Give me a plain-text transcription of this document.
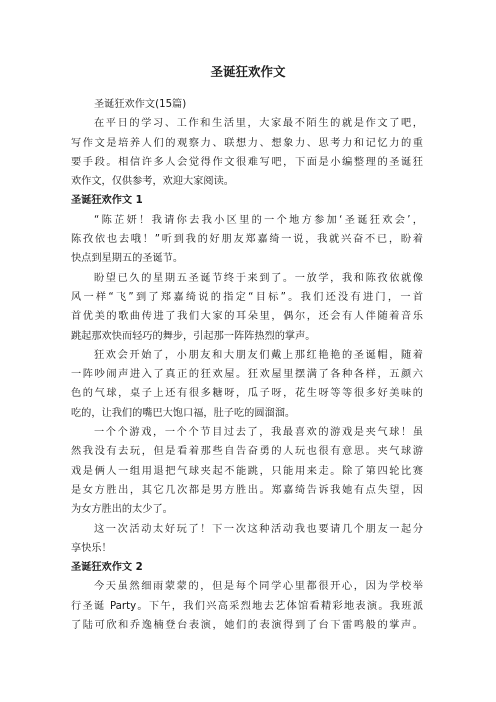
圣诞狂欢作文
圣诞狂欢作文(15篇)
在平日的学习、工作和生活里，大家最不陌生的就是作文了吧，
写作文是培养人们的观察力、联想力、想象力、思考力和记忆力的重
要手段。相信许多人会觉得作文很难写吧，下面是小编整理的圣诞狂
欢作文，仅供参考，欢迎大家阅读。
圣诞狂欢作文 1
“陈芷妍！我请你去我小区里的一个地方参加‘圣诞狂欢会’，
陈孜依也去哦！”听到我的好朋友郑嘉绮一说，我就兴奋不已，盼着
快点到星期五的圣诞节。
盼望已久的星期五圣诞节终于来到了。一放学，我和陈孜依就像
风一样“飞”到了郑嘉绮说的指定“目标”。我们还没有进门，一首
首优美的歌曲传进了我们大家的耳朵里，偶尔，还会有人伴随着音乐
跳起那欢快而轻巧的舞步，引起那一阵阵热烈的掌声。
狂欢会开始了，小朋友和大朋友们戴上那红艳艳的圣诞帽，随着
一阵吵闹声进入了真正的狂欢屋。狂欢屋里摆满了各种各样，五颜六
色的气球，桌子上还有很多糖呀，瓜子呀，花生呀等等很多好美味的
吃的，让我们的嘴巴大饱口福，肚子吃的圆溜溜。
一个个游戏，一个个节目过去了，我最喜欢的游戏是夹气球！虽
然我没有去玩，但是看着那些自告奋勇的人玩也很有意思。夹气球游
戏是俩人一组用退把气球夹起不能跳，只能用来走。除了第四轮比赛
是女方胜出，其它几次都是男方胜出。郑嘉绮告诉我她有点失望，因
为女方胜出的太少了。
这一次活动太好玩了！下一次这种活动我也要请几个朋友一起分
享快乐！
圣诞狂欢作文 2
今天虽然细雨蒙蒙的，但是每个同学心里都很开心，因为学校举
行圣诞 Party。下午，我们兴高采烈地去艺体馆看精彩地表演。我班派
了陆可欣和乔逸楠登台表演，她们的表演得到了台下雷鸣般的掌声。
